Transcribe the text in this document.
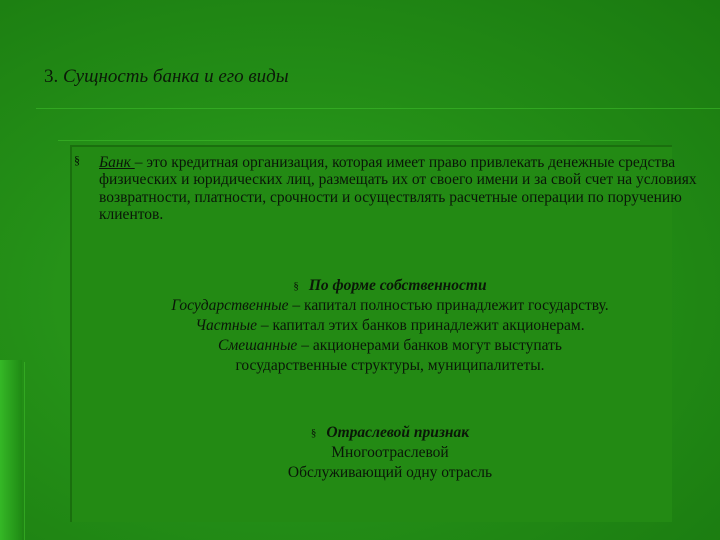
3. Сущность банка и его виды
§ Банк – это кредитная организация, которая имеет право привлекать денежные средства физических и юридических лиц, размещать их от своего имени и за свой счет на условиях возвратности, платности, срочности и осуществлять расчетные операции по поручению клиентов.
§ По форме собственности
Государственные – капитал полностью принадлежит государству.
Частные – капитал этих банков принадлежит акционерам.
Смешанные – акционерами банков могут выступать государственные структуры, муниципалитеты.
§ Отраслевой признак
Многоотраслевой
Обслуживающий одну отрасль
